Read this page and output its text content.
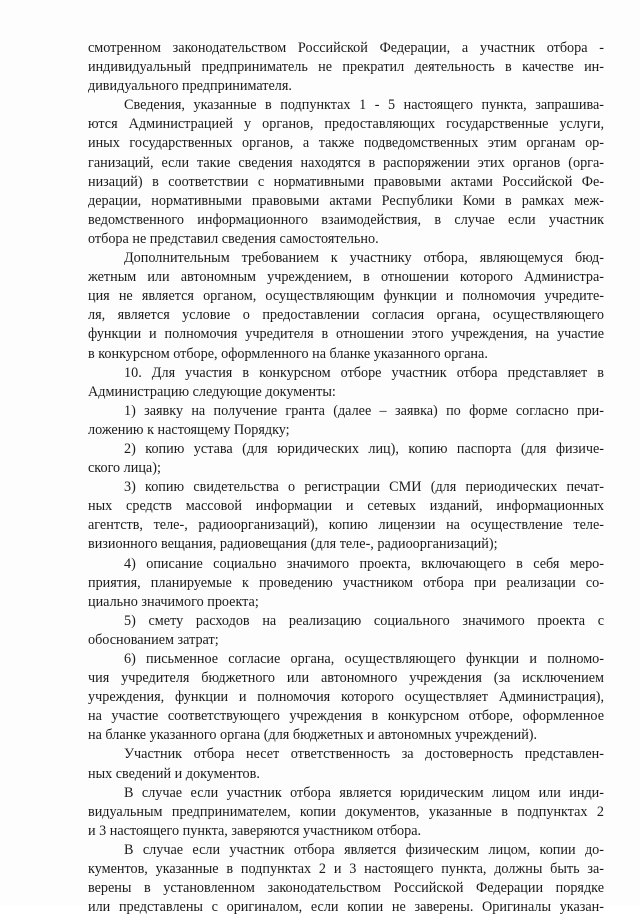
смотренном законодательством Российской Федерации, а участник отбора -
индивидуальный предприниматель не прекратил деятельность в качестве ин-
дивидуального предпринимателя.
Сведения, указанные в подпунктах 1 - 5 настоящего пункта, запрашива-
ются Администрацией у органов, предоставляющих государственные услуги,
иных государственных органов, а также подведомственных этим органам ор-
ганизаций, если такие сведения находятся в распоряжении этих органов (орга-
низаций) в соответствии с нормативными правовыми актами Российской Фе-
дерации, нормативными правовыми актами Республики Коми в рамках меж-
ведомственного информационного взаимодействия, в случае если участник
отбора не представил сведения самостоятельно.
Дополнительным требованием к участнику отбора, являющемуся бюд-
жетным или автономным учреждением, в отношении которого Администра-
ция не является органом, осуществляющим функции и полномочия учредите-
ля, является условие о предоставлении согласия органа, осуществляющего
функции и полномочия учредителя в отношении этого учреждения, на участие
в конкурсном отборе, оформленного на бланке указанного органа.
10. Для участия в конкурсном отборе участник отбора представляет в
Администрацию следующие документы:
1) заявку на получение гранта (далее – заявка) по форме согласно при-
ложению к настоящему Порядку;
2) копию устава (для юридических лиц), копию паспорта (для физиче-
ского лица);
3) копию свидетельства о регистрации СМИ (для периодических печат-
ных средств массовой информации и сетевых изданий, информационных
агентств, теле-, радиоорганизаций), копию лицензии на осуществление теле-
визионного вещания, радиовещания (для теле-, радиоорганизаций);
4) описание социально значимого проекта, включающего в себя меро-
приятия, планируемые к проведению участником отбора при реализации со-
циально значимого проекта;
5) смету расходов на реализацию социального значимого проекта с
обоснованием затрат;
6) письменное согласие органа, осуществляющего функции и полномо-
чия учредителя бюджетного или автономного учреждения (за исключением
учреждения, функции и полномочия которого осуществляет Администрация),
на участие соответствующего учреждения в конкурсном отборе, оформленное
на бланке указанного органа (для бюджетных и автономных учреждений).
Участник отбора несет ответственность за достоверность представлен-
ных сведений и документов.
В случае если участник отбора является юридическим лицом или инди-
видуальным предпринимателем, копии документов, указанные в подпунктах 2
и 3 настоящего пункта, заверяются участником отбора.
В случае если участник отбора является физическим лицом, копии до-
кументов, указанные в подпунктах 2 и 3 настоящего пункта, должны быть за-
верены в установленном законодательством Российской Федерации порядке
или представлены с оригиналом, если копии не заверены. Оригиналы указан-
